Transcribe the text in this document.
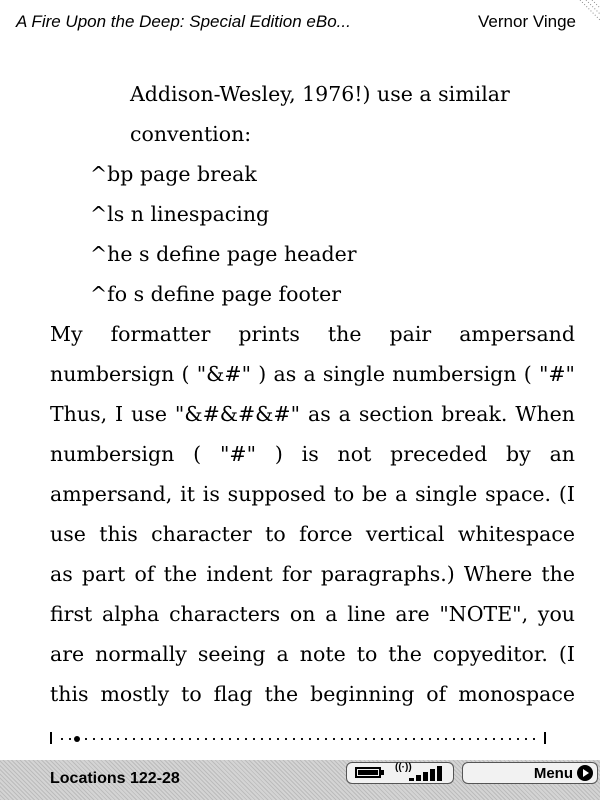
A Fire Upon the Deep: Special Edition eBo...	Vernor Vinge
Addison-Wesley, 1976!) use a similar
convention:
^bp page break
^ls n linespacing
^he s define page header
^fo s define page footer
My formatter prints the pair ampersand
numbersign ( "&#" ) as a single numbersign ( "#"
Thus, I use "&#&#&#" as a section break. When
numbersign ( "#" ) is not preceded by an
ampersand, it is supposed to be a single space. (I
use this character to force vertical whitespace
as part of the indent for paragraphs.) Where the
first alpha characters on a line are "NOTE", you
are normally seeing a note to the copyeditor. (I
this mostly to flag the beginning of monospace
Locations 122-28
((·))	Menu
